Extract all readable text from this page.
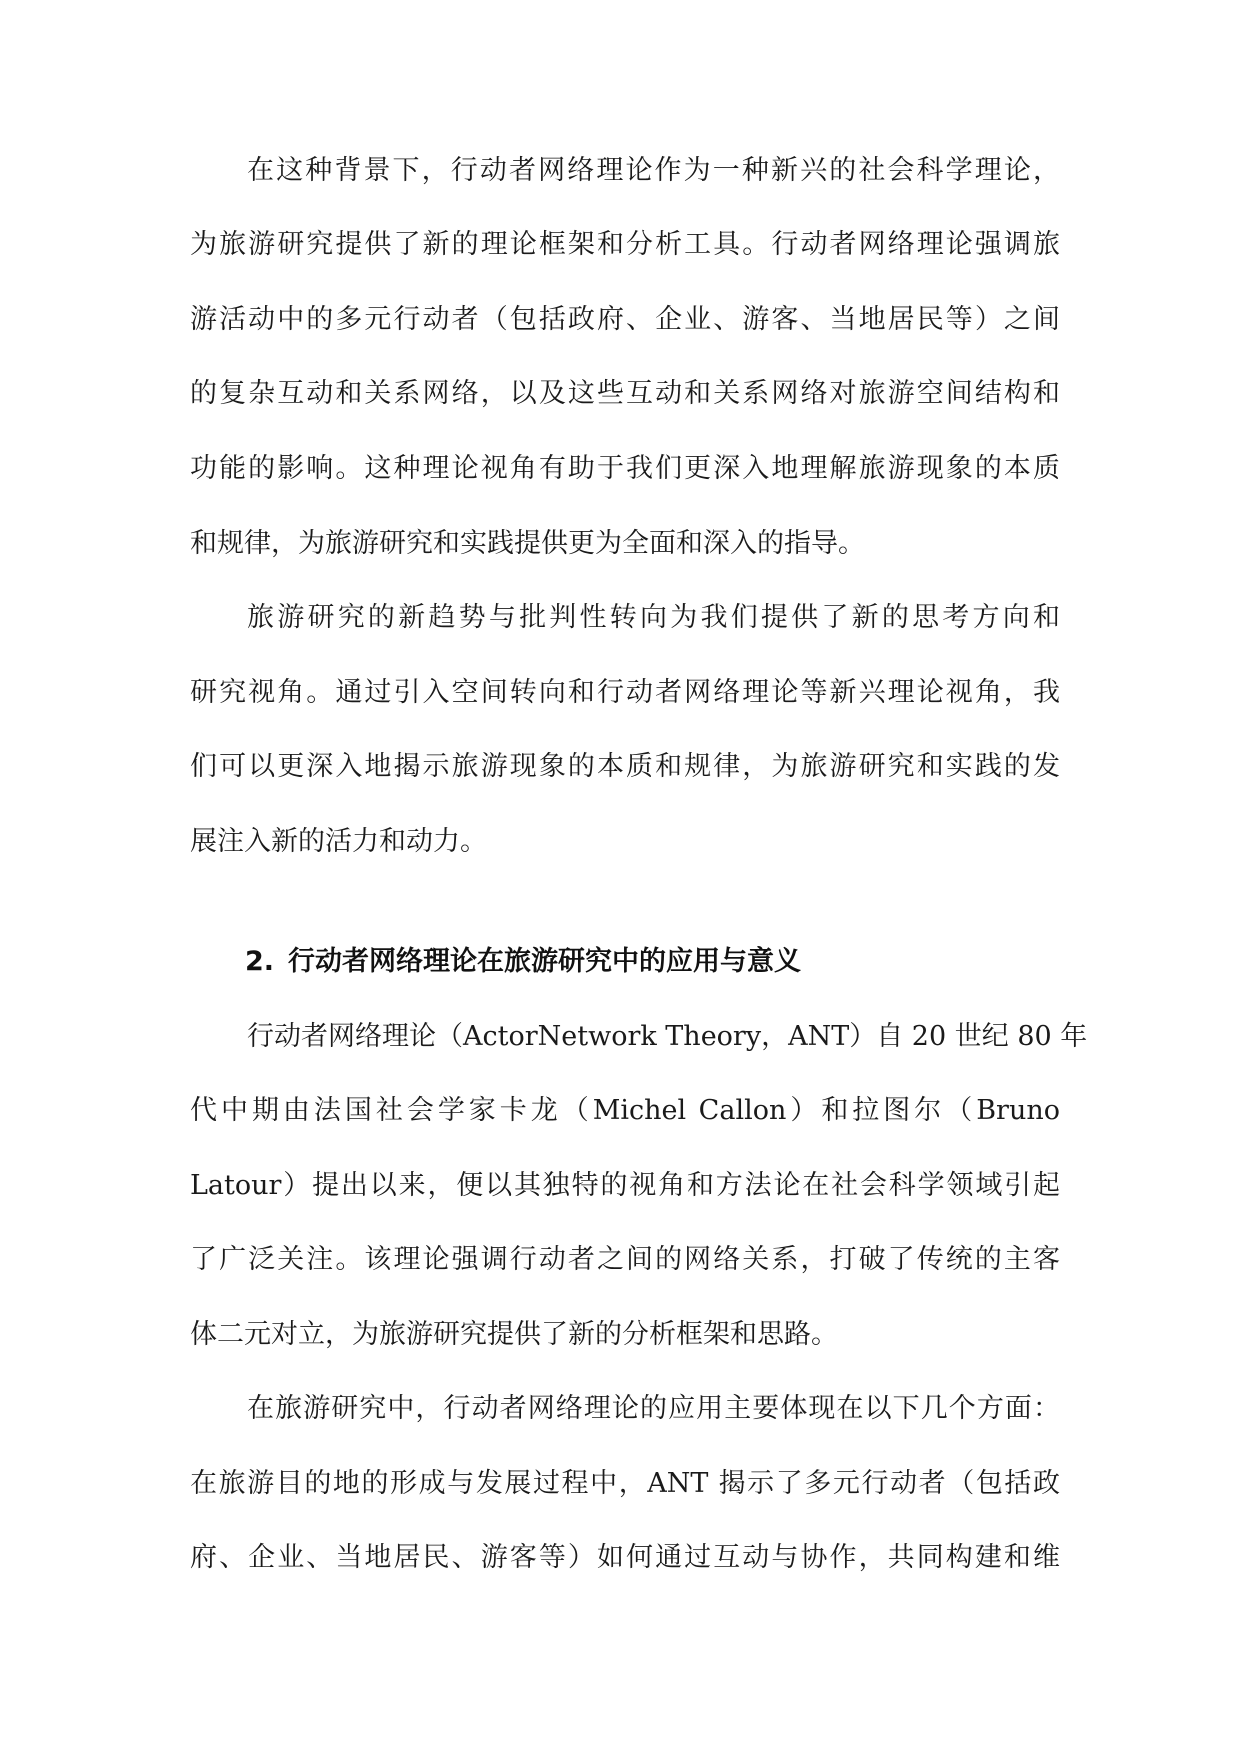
在这种背景下，行动者网络理论作为一种新兴的社会科学理论，
为旅游研究提供了新的理论框架和分析工具。行动者网络理论强调旅
游活动中的多元行动者（包括政府、企业、游客、当地居民等）之间
的复杂互动和关系网络，以及这些互动和关系网络对旅游空间结构和
功能的影响。这种理论视角有助于我们更深入地理解旅游现象的本质
和规律，为旅游研究和实践提供更为全面和深入的指导。
旅游研究的新趋势与批判性转向为我们提供了新的思考方向和
研究视角。通过引入空间转向和行动者网络理论等新兴理论视角，我
们可以更深入地揭示旅游现象的本质和规律，为旅游研究和实践的发
展注入新的活力和动力。
2. 行动者网络理论在旅游研究中的应用与意义
行动者网络理论（ActorNetwork Theory，ANT）自 20 世纪 80 年
代中期由法国社会学家卡龙（Michel Callon）和拉图尔（Bruno
Latour）提出以来，便以其独特的视角和方法论在社会科学领域引起
了广泛关注。该理论强调行动者之间的网络关系，打破了传统的主客
体二元对立，为旅游研究提供了新的分析框架和思路。
在旅游研究中，行动者网络理论的应用主要体现在以下几个方面：
在旅游目的地的形成与发展过程中，ANT 揭示了多元行动者（包括政
府、企业、当地居民、游客等）如何通过互动与协作，共同构建和维
